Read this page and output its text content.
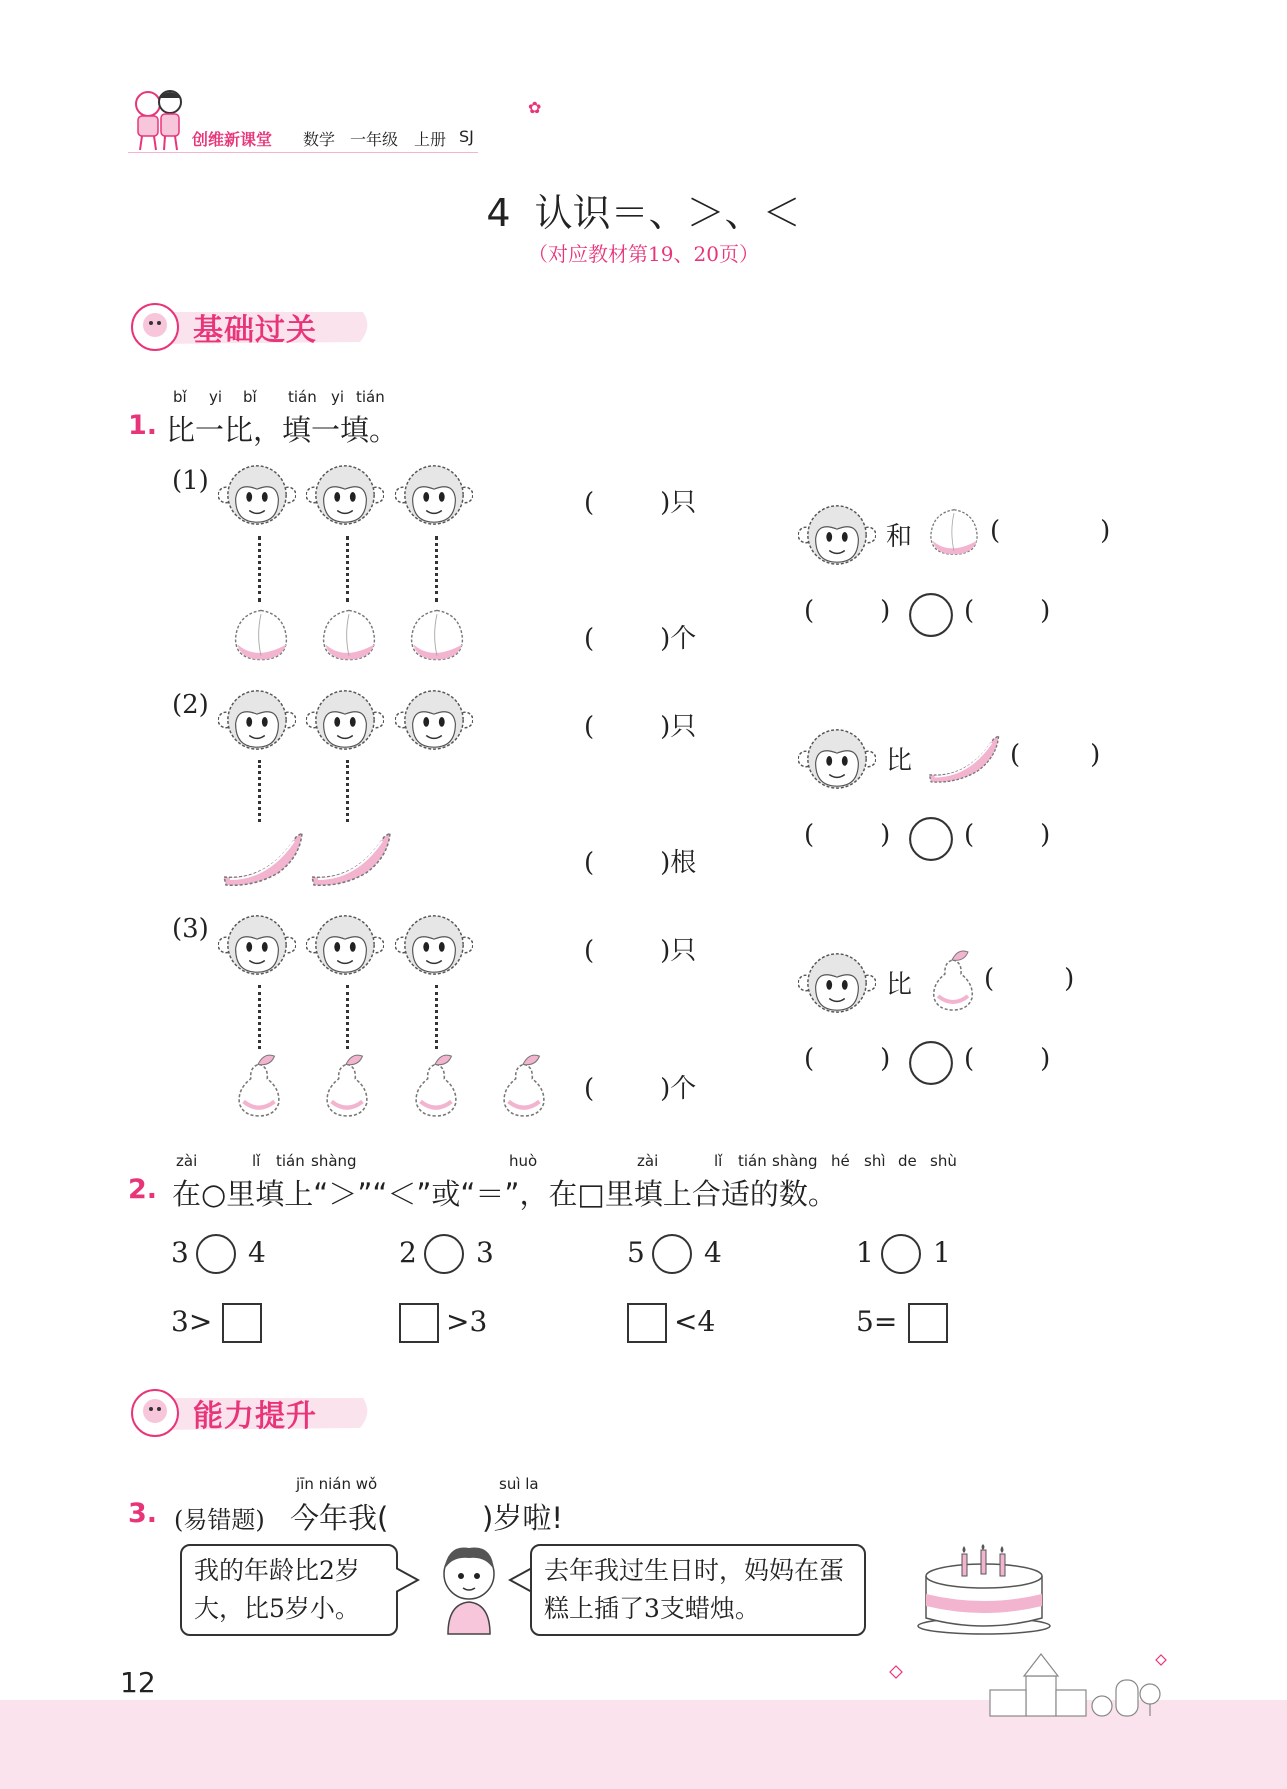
创维新课堂 数学 一年级 上册 SJ
✿
4  认识＝、＞、＜
（对应教材第19、20页）
基础过关
bǐ yi bǐ tián yi tián
1. 比一比，填一填。
(1)
(2)
(3)
(	)只
(	)个
(	)只
(	)根
(	)只
(	)个
和	(	)
(	)	(	)
比	(	)
(	)	(	)
比	(	)
(	)	(	)
zài	lǐ tián shàng	huò	zài	lǐ tián shàng hé shì de shù
2. 在○里填上“＞”“＜”或“＝”，在□里填上合适的数。
3 4	2 3	5 4	1 1
3>	>3	<4	5=
能力提升
jīn nián wǒ	suì la
3. (易错题) 今年我(	)岁啦!
我的年龄比2岁大，比5岁小。
去年我过生日时，妈妈在蛋糕上插了3支蜡烛。
12
